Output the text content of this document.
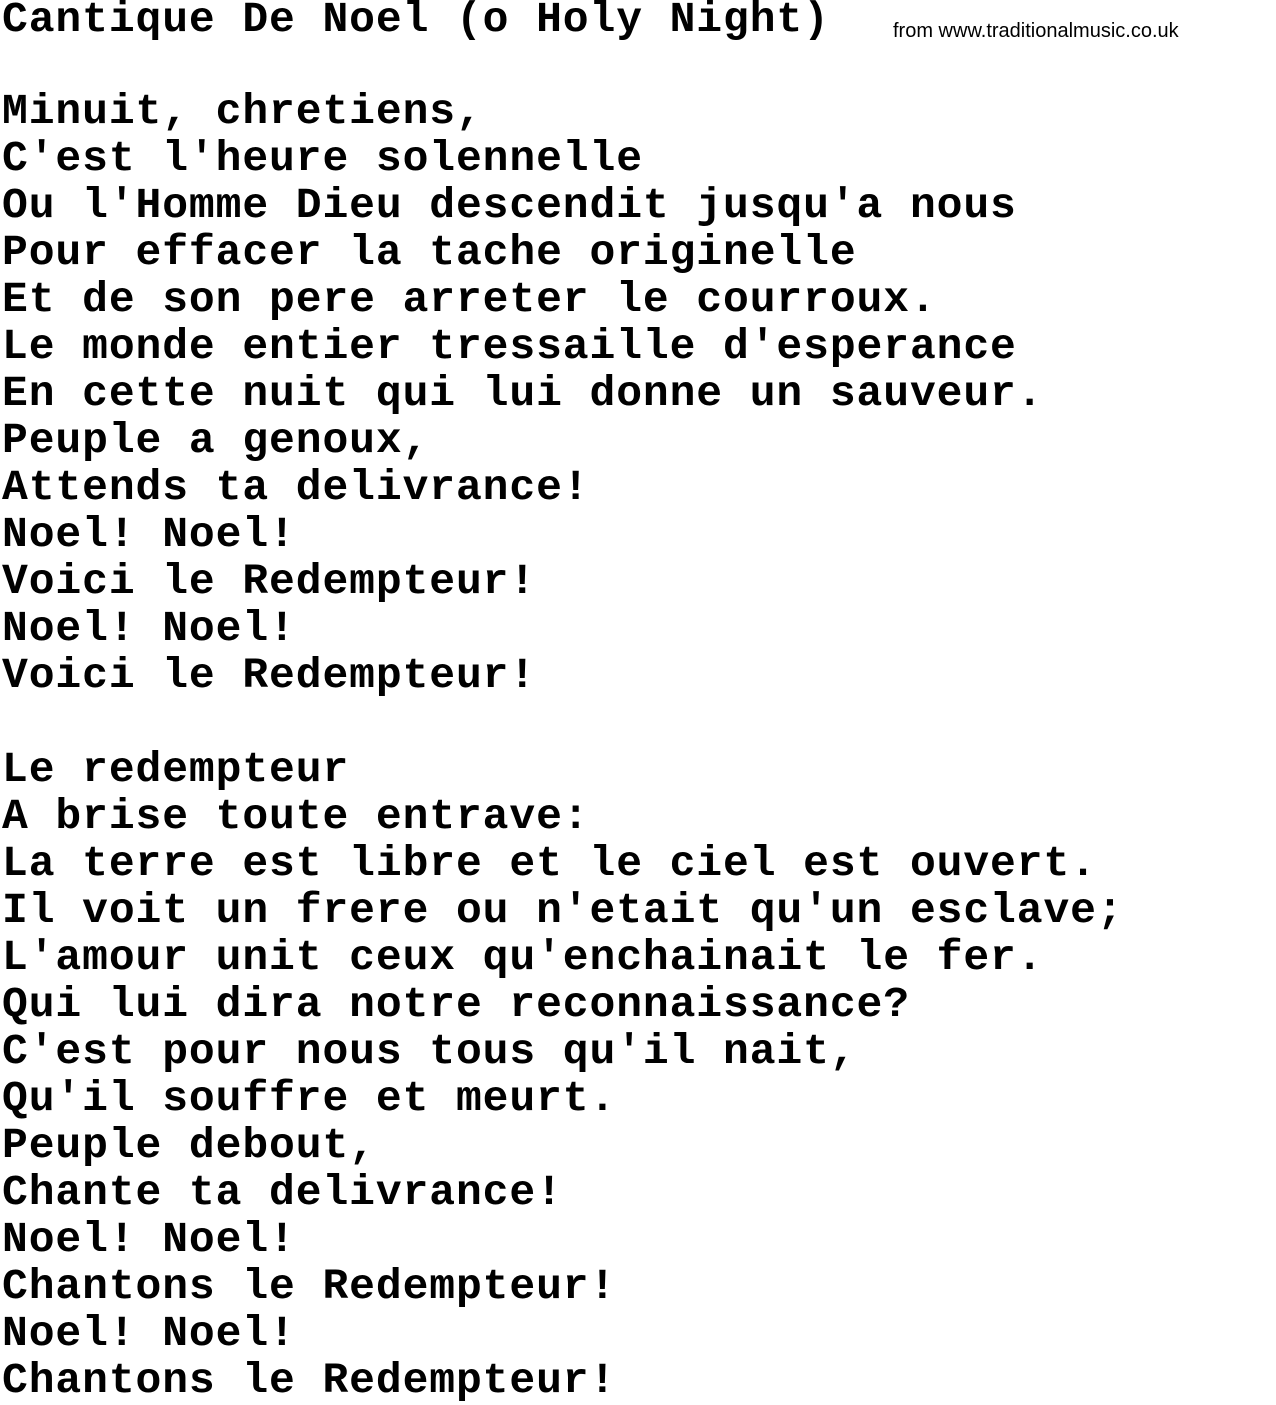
Cantique De Noel (o Holy Night)	from www.traditionalmusic.co.uk
Minuit, chretiens,
C'est l'heure solennelle
Ou l'Homme Dieu descendit jusqu'a nous
Pour effacer la tache originelle
Et de son pere arreter le courroux.
Le monde entier tressaille d'esperance
En cette nuit qui lui donne un sauveur.
Peuple a genoux,
Attends ta delivrance!
Noel! Noel!
Voici le Redempteur!
Noel! Noel!
Voici le Redempteur!
Le redempteur
A brise toute entrave:
La terre est libre et le ciel est ouvert.
Il voit un frere ou n'etait qu'un esclave;
L'amour unit ceux qu'enchainait le fer.
Qui lui dira notre reconnaissance?
C'est pour nous tous qu'il nait,
Qu'il souffre et meurt.
Peuple debout,
Chante ta delivrance!
Noel! Noel!
Chantons le Redempteur!
Noel! Noel!
Chantons le Redempteur!
